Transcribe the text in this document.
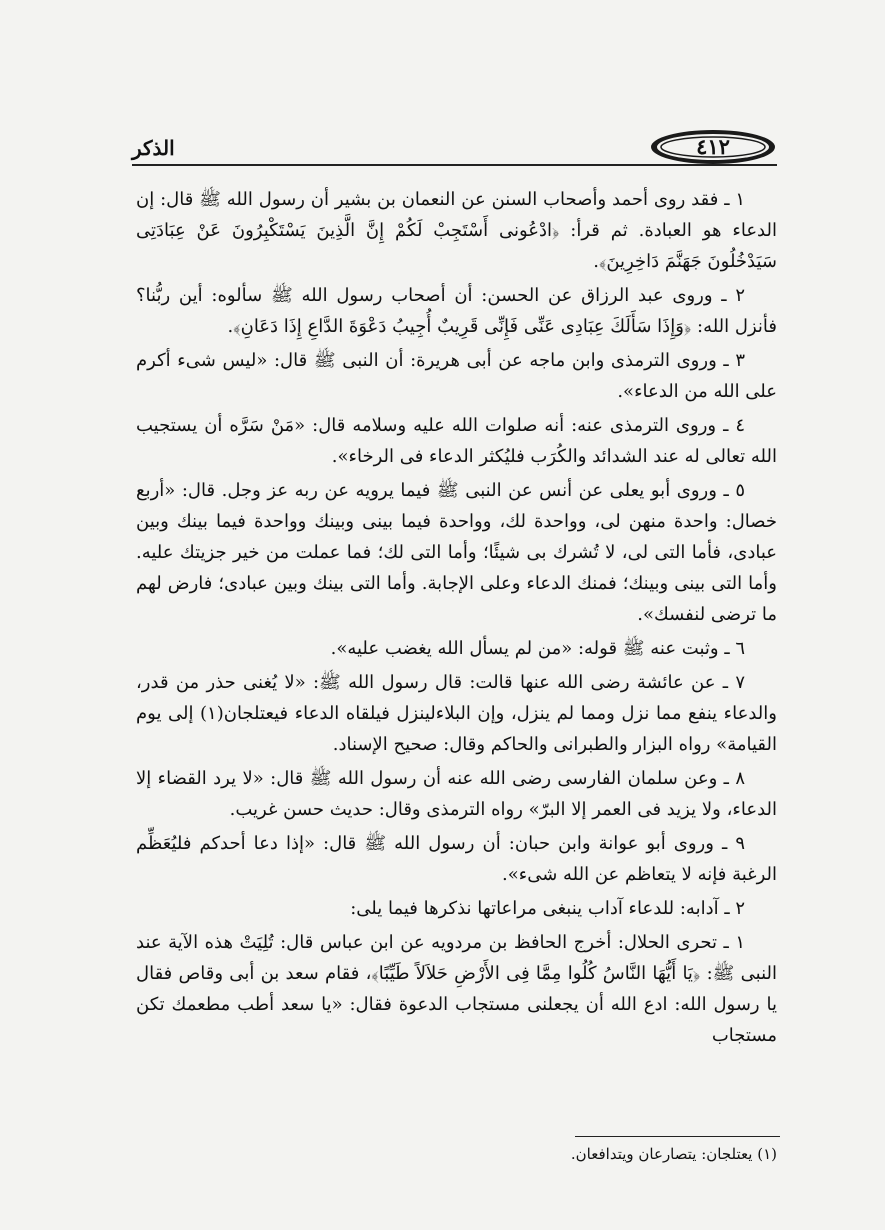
الذكر	٤١٢

١ ـ فقد روى أحمد وأصحاب السنن عن النعمان بن بشير أن رسول الله ﷺ قال: إن الدعاء هو العبادة. ثم قرأ: ﴿ادْعُونى أَسْتَجِبْ لَكُمْ إِنَّ الَّذِينَ يَسْتَكْبِرُونَ عَنْ عِبَادَتِى سَيَدْخُلُونَ جَهَنَّمَ دَاخِرِينَ﴾.

٢ ـ وروى عبد الرزاق عن الحسن: أن أصحاب رسول الله ﷺ سألوه: أين ربُّنا؟ فأنزل الله: ﴿وَإِذَا سَأَلَكَ عِبَادِى عَنِّى فَإِنِّى قَرِيبٌ أُجِيبُ دَعْوَةَ الدَّاعِ إِذَا دَعَانِ﴾.

٣ ـ وروى الترمذى وابن ماجه عن أبى هريرة: أن النبى ﷺ قال: «ليس شىء أكرم على الله من الدعاء».

٤ ـ وروى الترمذى عنه: أنه صلوات الله عليه وسلامه قال: «مَنْ سَرَّه أن يستجيب الله تعالى له عند الشدائد والكُرَب فليُكثر الدعاء فى الرخاء».

٥ ـ وروى أبو يعلى عن أنس عن النبى ﷺ فيما يرويه عن ربه عز وجل. قال: «أربع خصال: واحدة منهن لى، وواحدة لك، وواحدة فيما بينى وبينك وواحدة فيما بينك وبين عبادى، فأما التى لى، لا تُشرك بى شيئًا؛ وأما التى لك؛ فما عملت من خير جزيتك عليه. وأما التى بينى وبينك؛ فمنك الدعاء وعلى الإجابة. وأما التى بينك وبين عبادى؛ فارض لهم ما ترضى لنفسك».

٦ ـ وثبت عنه ﷺ قوله: «من لم يسأل الله يغضب عليه».

٧ ـ عن عائشة رضى الله عنها قالت: قال رسول الله ﷺ: «لا يُغنى حذر من قدر، والدعاء ينفع مما نزل ومما لم ينزل، وإن البلاءلينزل فيلقاه الدعاء فيعتلجان(١) إلى يوم القيامة» رواه البزار والطبرانى والحاكم وقال: صحيح الإسناد.

٨ ـ وعن سلمان الفارسى رضى الله عنه أن رسول الله ﷺ قال: «لا يرد القضاء إلا الدعاء، ولا يزيد فى العمر إلا البرّ» رواه الترمذى وقال: حديث حسن غريب.

٩ ـ وروى أبو عوانة وابن حبان: أن رسول الله ﷺ قال: «إذا دعا أحدكم فليُعَظِّم الرغبة فإنه لا يتعاظم عن الله شىء».

٢ ـ آدابه: للدعاء آداب ينبغى مراعاتها نذكرها فيما يلى:

١ ـ تحرى الحلال: أخرج الحافظ بن مردويه عن ابن عباس قال: تُلِيَتْ هذه الآية عند النبى ﷺ: ﴿يَا أَيُّهَا النَّاسُ كُلُوا مِمَّا فِى الأَرْضِ حَلاَلاً طَيِّبًا﴾، فقام سعد بن أبى وقاص فقال يا رسول الله: ادع الله أن يجعلنى مستجاب الدعوة فقال: «يا سعد أطب مطعمك تكن مستجاب

(١) يعتلجان: يتصارعان ويتدافعان.
